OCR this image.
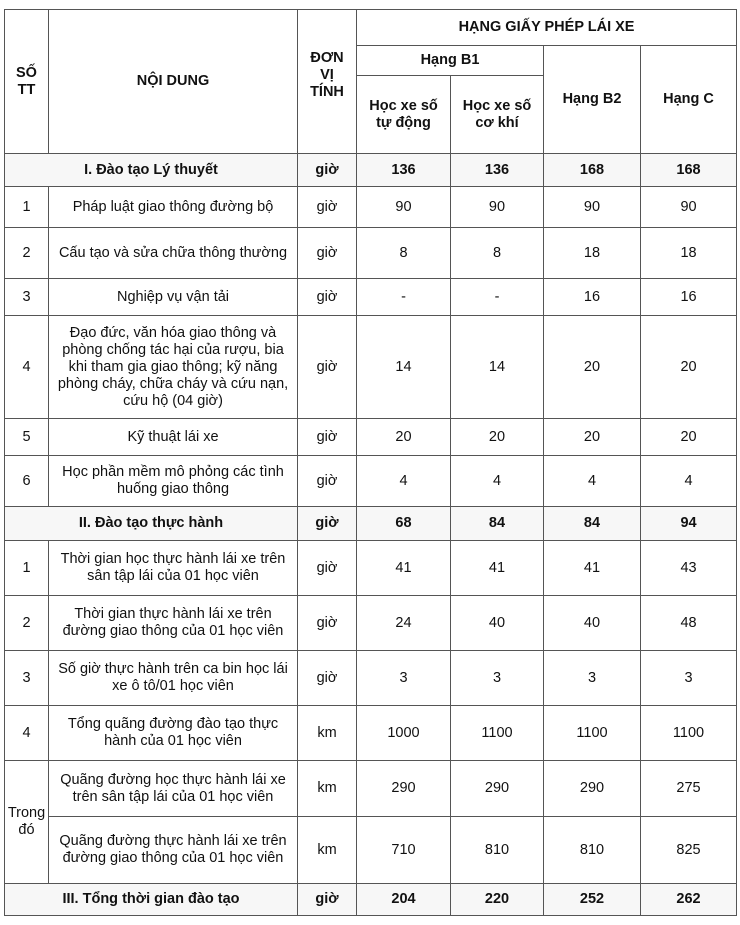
SỐ TT	NỘI DUNG	ĐƠN VỊ TÍNH	HẠNG GIẤY PHÉP LÁI XE			
			Hạng B1		Hạng B2	Hạng C
			Học xe số tự động	Học xe số cơ khí		
I. Đào tạo Lý thuyết		giờ	136	136	168	168
1	Pháp luật giao thông đường bộ	giờ	90	90	90	90
2	Cấu tạo và sửa chữa thông thường	giờ	8	8	18	18
3	Nghiệp vụ vận tải	giờ	-	-	16	16
4	Đạo đức, văn hóa giao thông và phòng chống tác hại của rượu, bia khi tham gia giao thông; kỹ năng phòng cháy, chữa cháy và cứu nạn, cứu hộ (04 giờ)	giờ	14	14	20	20
5	Kỹ thuật lái xe	giờ	20	20	20	20
6	Học phần mềm mô phỏng các tình huống giao thông	giờ	4	4	4	4
II. Đào tạo thực hành		giờ	68	84	84	94
1	Thời gian học thực hành lái xe trên sân tập lái của 01 học viên	giờ	41	41	41	43
2	Thời gian thực hành lái xe trên đường giao thông của 01 học viên	giờ	24	40	40	48
3	Số giờ thực hành trên ca bin học lái xe ô tô/01 học viên	giờ	3	3	3	3
4	Tổng quãng đường đào tạo thực hành của 01 học viên	km	1000	1100	1100	1100
Trong đó	Quãng đường học thực hành lái xe trên sân tập lái của 01 học viên	km	290	290	290	275
	Quãng đường thực hành lái xe trên đường giao thông của 01 học viên	km	710	810	810	825
III. Tổng thời gian đào tạo		giờ	204	220	252	262
